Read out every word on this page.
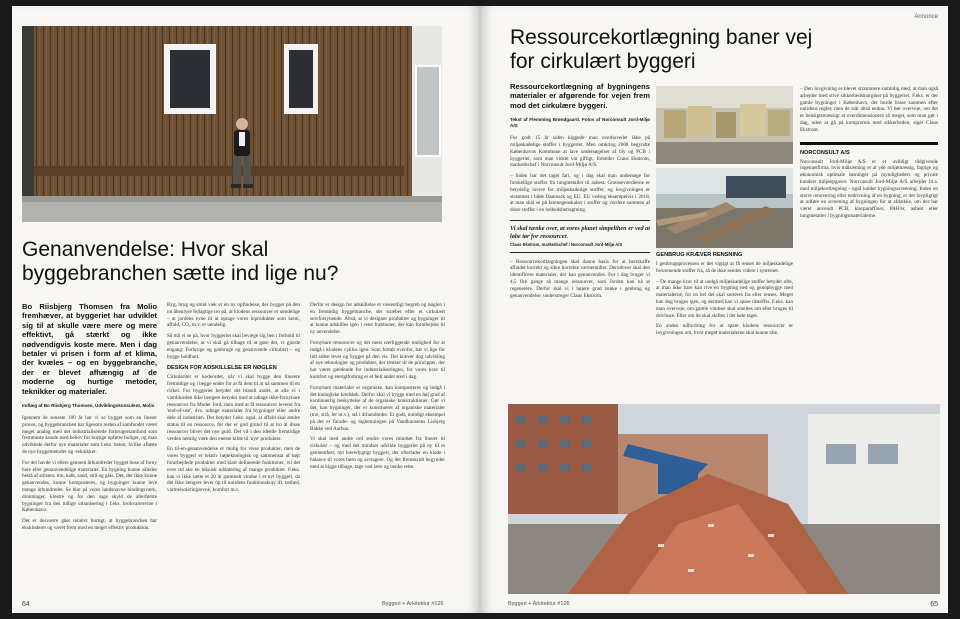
Genanvendelse: Hvor skal byggebranchen sætte ind lige nu?
Bo Riisbjerg Thomsen fra Molio fremhæver, at byggeriet har udviklet sig til at skulle være mere og mere effektivt, gå stærkt og ikke nødvendigvis koste mere. Men i dag betaler vi prisen i form af et klima, der kvæles – og en byggebranche, der er blevet afhængig af de moderne og hurtige metoder, teknikker og materialer.
Indlæg af Bo Riisbjerg Thomsen, Udviklingskonsulent, Molio

Igennem de seneste 100 år har vi se bygget som en lineær proces, og byggebranchen har ligesom resten af samfundet været meget analog med det industrialiserede forbrugersamfund som fremmeste kunde med behov for hurtige opførte boliger, og man udviklede derfor nye materialer som f.eks. beton, hvilke afløste de nye byggemetoder og -teknikker.

For det havde vi ellers gennem århundreder bygget huse af forny bare eller genanvendelige materialer. En bygning kunne således bestå af stilsten, træ, kalk, sand, strå og glas. Det, der ikke kunne genanvendes, kunne komposteres, og bygninger kunne leve mange århundreder. Se blot på vores landsnavne bindingsværk, dronninger, klostre og for den sags skyld de allerførste bygninger fra den tidlige urbanisering i f.eks. brokvartererne i København.

Det er desværre gået relativt hurtigt, at byggebranchen har ekskluderet og været frem mod en meget effektiv produktion.

Byg, brug og smid væk er en ny opfindelse, der bygger på den nu åbenlyse fejlagtige tro på, at klodens ressourcer er uendelige – at jordens evne til at optage vores biprodukter som kemi, affald, CO₂ m.v. er uendelig.

Så må vi se på, hvor byggeriet skal bevæge sig hen i forhold til genanvendelse, at vi skal gå tilbage til at gøre det, vi gjorde engang: Forbruge og genbruge og genanvende cirkulært – og bygge holdbart.

DESIGN FOR ADSKILLELSE ER NØGLEN

Cirkularitet er kodeordet, når vi skal bygge den lineære fremtidige og i begge ender for at få dem til at nå sammen til en cirkel. For byggeriet betyder det blandt andet, at alle vi i værdikæden ikke længere betyder med at udtage ikke-fornybare ressourcer fra Moder Jord, men med at få ressourcer leveret fra 'end-of-use', dvs. udtage materialer fra bygninger eller andre dele af industrien. Det betyder f.eks. også, at affald skal ændre status til en ressource, for der er god grund til at tro at disse ressourcer bliver det nye guld. Det vil i den ideelle fremtidige verden nemlig være den eneste kilde til 'nye' produkter.

En til-en-genanvendelse er mulig for visse produkter, men de vores byggeri er relativ højteknologisk og sammensat af højt forarbejdede produkter med klart definerede funktioner, vil det over tid ske en teknisk uddatering af mange produkter. F.eks. kan vi ikke sætte et 20 år gammelt vindue i et nyt byggeri, da det ikke længere lever op til nutidens funktionskrav ift. tæthed, varmeisoleringsevne, komfort m.v.

Derfor er design for adskillelse et væsentligt begreb og nøglen i en fremtidig byggebranche, der stræber efter et cirkulært selvforsynende. Altså, at vi designer produkter og bygninger til at kunne adskilles igen i rene fraktioner, der kan forarbejdes til ny anvendelse.

Fornybare ressourcer og det mest nærliggende mulighed for at indgå i klodens cyklus igen. Som fortalt ovenfor, har vi lige for lidt siden levet og bygget på den vis. Det kræver dog udvikling af nye teknologier og produkter, der tænker til de principper, der har været gældende for industrialiseringen, for vores krav til komfort og energiforbrug er et helt andet sted i dag.

Fornybare materialer er organiske, kan komposteres og indgå i det biologiske kredsløb. Derfor skal vi bygge med en høj grad af kontinuerlig beskyttelse af de organiske konstruktioner. Gør vi det, kan bygninger, der er konstrueret af organiske materialer (træ, strå, ler m.v.), stå i århundreder. Et godt, nutidigt eksempel på det er facade- og taglemningen på Vandkunstens Lisbjerg Bakke ved Aarhus.

Vi skal med andre ord ændre vores mindset fra lineær til cirkulær – og med det mindset udvikle byggeriet på ny til et gennemført, nyt bæredygtigt byggeri, der efterlader en klode i balance til vores børn og arvtagere. Og det fremskridt begynder med at kigge tilbage, tage ved lære og tænke rette.

64	Byggeri + Arkitektur #126
Annonce
Ressourcekortlægning baner vej for cirkulært byggeri
Ressourcekortlægning af bygningens materialer er afgørende for vejen frem mod det cirkulære byggeri.
Tekst af Flemming Brøndgaard. Fotos af Norconsult Jord-Miljø A/S

For godt 15 år siden kiggede man overhovedet ikke på miljøskadelige stoffer i byggeriet. Men omkring 2008 begyndte Københavns Kommune at lave undersøgelser af bly og PCB i byggerier, som man vidste var giftigt, fortæller Claus Ekstrom, markedschef i Norconsult Jord-Miljø A/S.

– Siden har det taget fart, og i dag skal man undersøge for forskellige stoffer fra tungmetaller til asbest. Grænseværdierne er betydelig lavere for miljøskadelige stoffer, og lovgivningen er strammet i både Danmark og EU. EU vedtog eksempelvis i 2018, at man skal se på farenegenskaber i stoffer og vurdere summen af disse stoffer i en helhedsbetragtning.

Vi skal tænke over, at vores planet simpelthen er ved at løbe tør for ressourcer.
Claus Ekstrom, markedschef i Norconsult Jord-Miljø A/S

– Ressourcekortlægningen skal danne basis for at bortskaffe affaldet korrekt og sikre korrekte værnemidler. Derudover skal den identificere materialer, der kan genanvendes. For i dag bruger vi 4,5 fire gange så mange ressourcer, som Jorden kan nå at regenerere. Derfor skal vi i højere grad tænke i genbrug og genanvendelse, understreger Claus Ekstrom.

GENBRUG KRÆVER RENSNING

I genbrugsprocessen er det vigtigt at få renset de miljøskadelige forurenende stoffer fra, så de ikke sendes videre i systemet.

– De mange krav til at undgå miljøskadelige stoffer betyder ofte, at man ikke bare kan rive en bygning ned og genopbygge med materialerne, for en hel del skal sorteres fra eller renses. Meget kan dog bruges igen, og dermed kan vi spare råstoffer. F.eks. kan man overveje, om gamle vinduer skal smeltes om eller bruges til drivhuse. Eller om de skal skiftes i det hele taget.

En anden udfordring for at spare klodens ressourcer er lovgivningen om, hvor meget materialerne skal kunne tåle.

– Den lovgivning er blevet strammere samtidig med, at man også arbejder med stive sikkerhedsmarginer på byggeriet. F.eks. er der gamle bygninger i København, der burde brase sammen efter nutidens regler, men de står altså endnu. Vi bør overveje, om det er hensigtsmæssigt at overdimensionere så meget, som man gør i dag, uden at gå på kompromis med sikkerheden, siger Claus Ekstrom.

NORCONSULT A/S

Norconsult Jord-Miljø A/S er et uvildigt rådgivende ingeniørfirma, hvis målsætning er at yde miljømæssig, faglige og økonomisk optimale løsninger på myndigheders og private kunders miljøopgaver. Norconsult Jord-Miljø A/S arbejder bl.a. med miljøkortlægning - også kaldet bygningsscreening. Indeu en storre renovering eller nedrivning af en bygning, er det lovpligtigt at udføre en screening af bygningen for at afdække, om der har været anvendt PCB, klorparaffiner, PAH'er, asbest eller tungmetaller i bygningsmaterialerne.

Byggeri + Arkitektur #126	65
